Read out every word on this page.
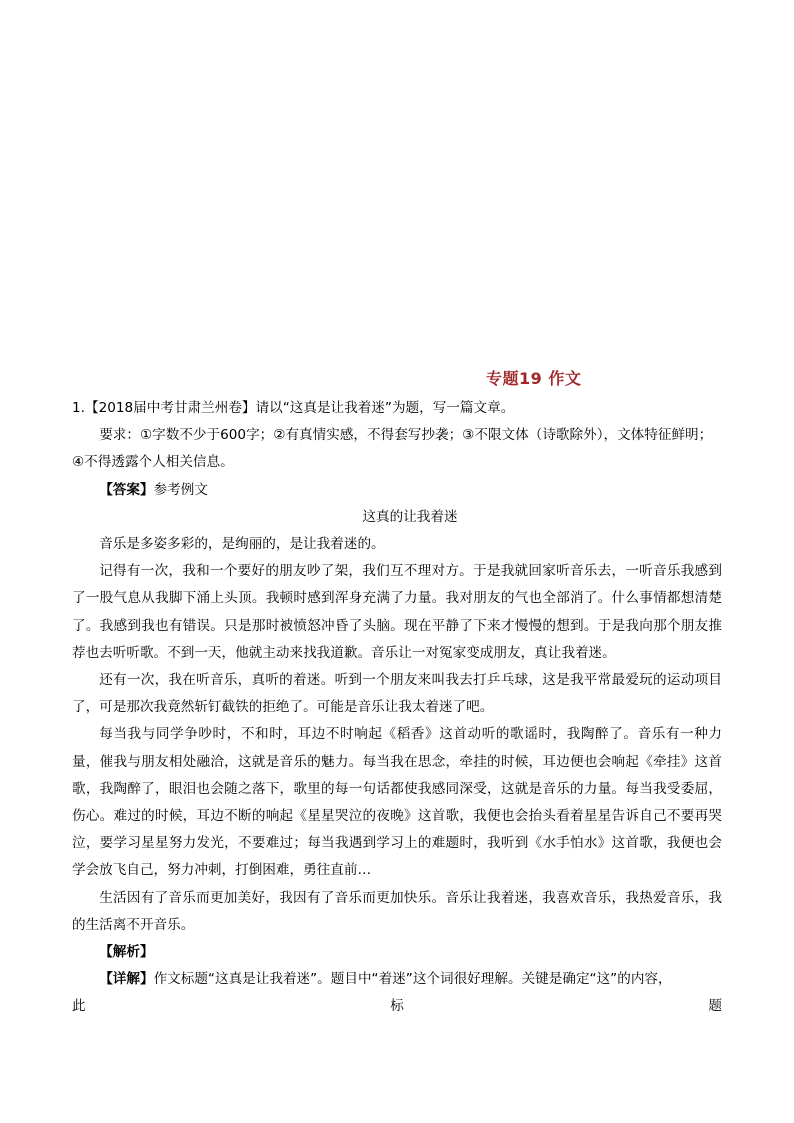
专题19 作文

1.【2018届中考甘肃兰州卷】请以“这真是让我着迷”为题，写一篇文章。

要求：①字数不少于600字；②有真情实感，不得套写抄袭；③不限文体（诗歌除外），文体特征鲜明；

④不得透露个人相关信息。

【答案】参考例文

这真的让我着迷

音乐是多姿多彩的，是绚丽的，是让我着迷的。

记得有一次，我和一个要好的朋友吵了架，我们互不理对方。于是我就回家听音乐去，一听音乐我感到了一股气息从我脚下涌上头顶。我顿时感到浑身充满了力量。我对朋友的气也全部消了。什么事情都想清楚了。我感到我也有错误。只是那时被愤怒冲昏了头脑。现在平静了下来才慢慢的想到。于是我向那个朋友推荐也去听听歌。不到一天，他就主动来找我道歉。音乐让一对冤家变成朋友，真让我着迷。

还有一次，我在听音乐，真听的着迷。听到一个朋友来叫我去打乒乓球，这是我平常最爱玩的运动项目了，可是那次我竟然斩钉截铁的拒绝了。可能是音乐让我太着迷了吧。

每当我与同学争吵时，不和时，耳边不时响起《稻香》这首动听的歌谣时，我陶醉了。音乐有一种力量，催我与朋友相处融洽，这就是音乐的魅力。每当我在思念，牵挂的时候，耳边便也会响起《牵挂》这首歌，我陶醉了，眼泪也会随之落下，歌里的每一句话都使我感同深受，这就是音乐的力量。每当我受委屈，伤心。难过的时候，耳边不断的响起《星星哭泣的夜晚》这首歌，我便也会抬头看着星星告诉自己不要再哭泣，要学习星星努力发光，不要难过；每当我遇到学习上的难题时，我听到《水手怕水》这首歌，我便也会学会放飞自己，努力冲刺，打倒困难，勇往直前…

生活因有了音乐而更加美好，我因有了音乐而更加快乐。音乐让我着迷，我喜欢音乐，我热爱音乐，我的生活离不开音乐。

【解析】

【详解】作文标题“这真是让我着迷”。题目中“着迷”这个词很好理解。关键是确定“这”的内容，

此	标	题
